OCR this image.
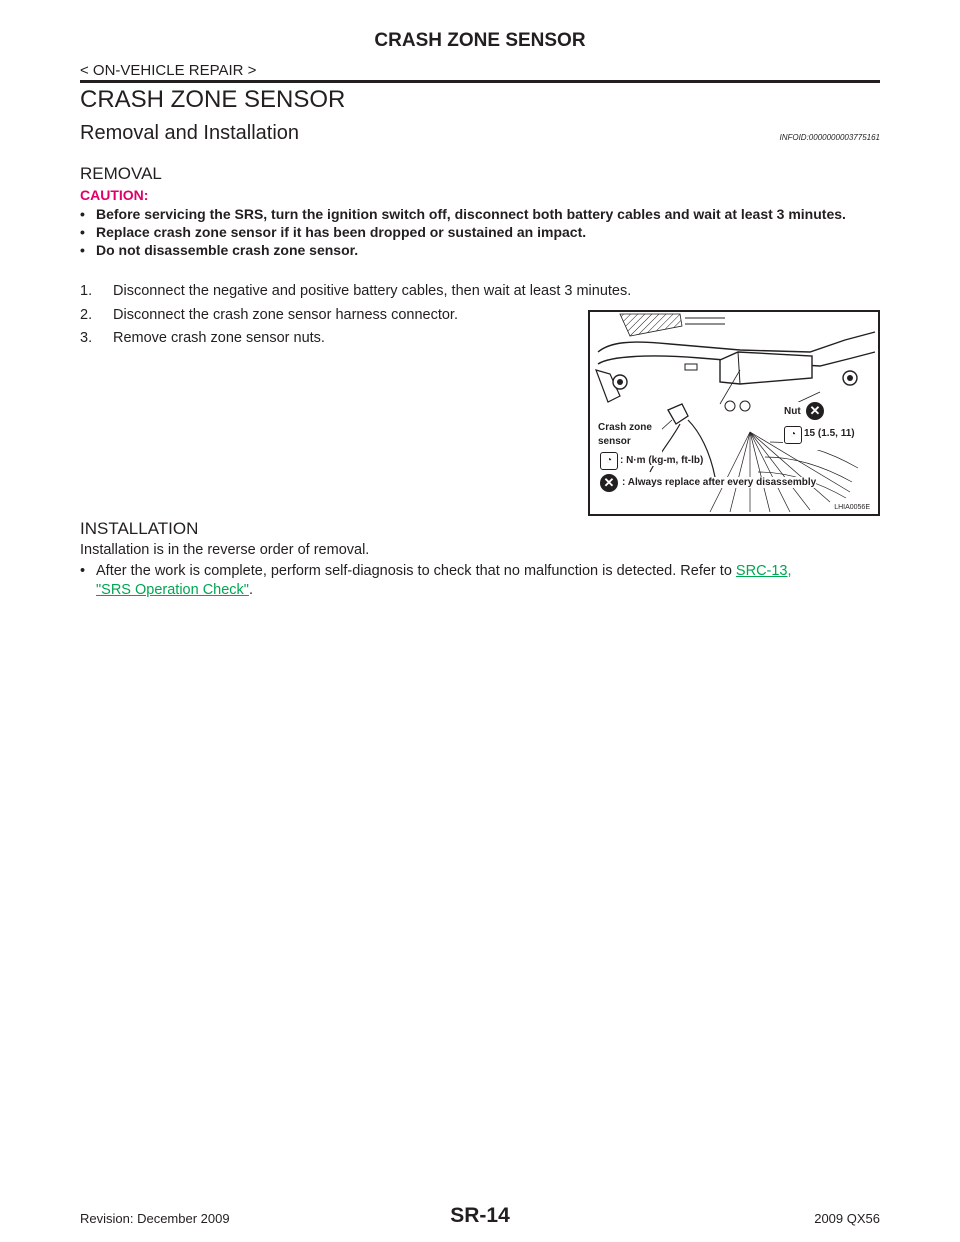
CRASH ZONE SENSOR
< ON-VEHICLE REPAIR >
CRASH ZONE SENSOR
Removal and Installation	INFOID:0000000003775161
REMOVAL
CAUTION:

• Before servicing the SRS, turn the ignition switch off, disconnect both battery cables and wait at least 3 minutes.

• Replace crash zone sensor if it has been dropped or sustained an impact.

• Do not disassemble crash zone sensor.

1.	Disconnect the negative and positive battery cables, then wait at least 3 minutes.
2.	Disconnect the crash zone sensor harness connector.
3.	Remove crash zone sensor nuts.
Nut ✕
◔ 15 (1.5, 11)
Crash zone
sensor
◔ : N·m (kg-m, ft-lb)
✕ : Always replace after every disassembly
LHIA0056E
INSTALLATION
Installation is in the reverse order of removal.
• After the work is complete, perform self-diagnosis to check that no malfunction is detected. Refer to SRC-13,
"SRS Operation Check".
Revision: December 2009	SR-14	2009 QX56
